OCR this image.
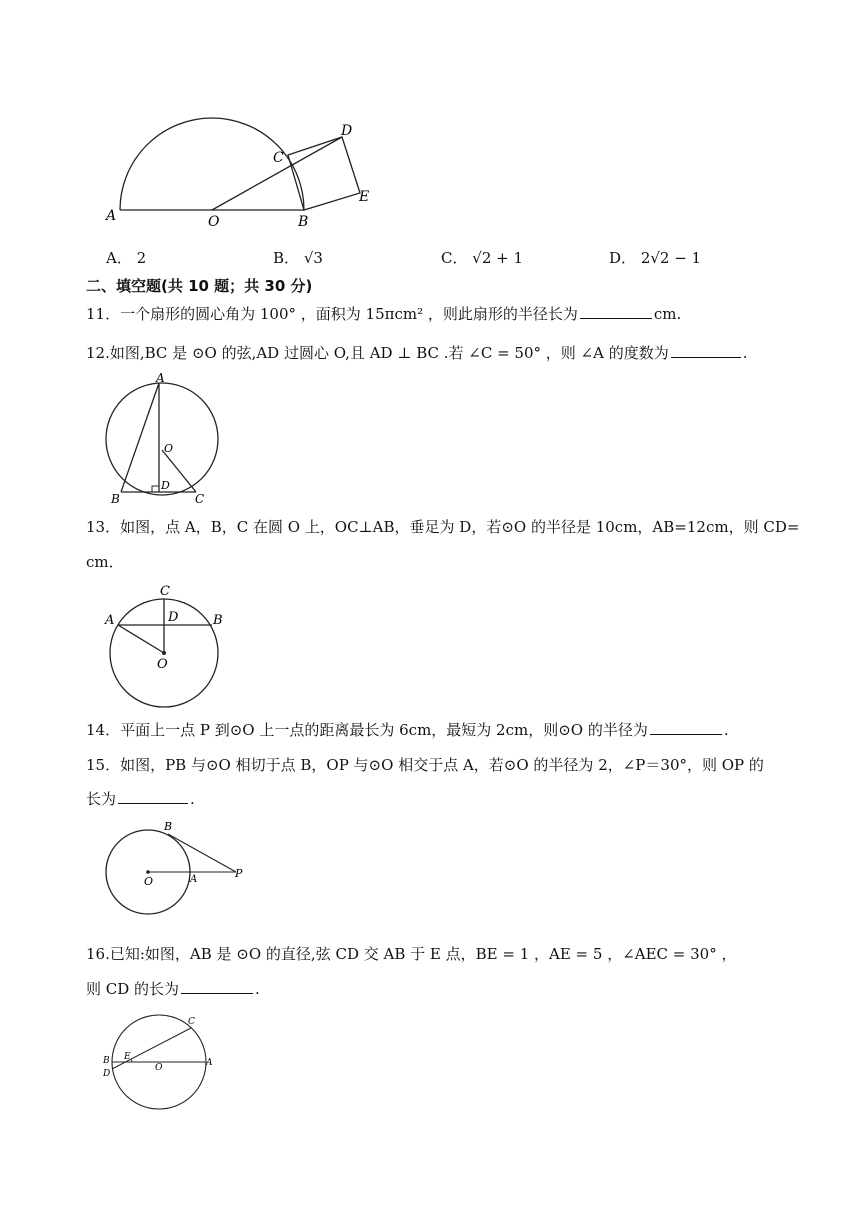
A	O	B
C
D
E
A． 2	B． √3	C． √2 + 1	D． 2√2 − 1
二、填空题(共 10 题；共 30 分)
11．一个扇形的圆心角为 100° ，面积为 15πcm² ，则此扇形的半径长为	cm.
12.如图,BC 是 ⊙O 的弦,AD 过圆心 O,且 AD ⊥ BC .若 ∠C = 50° ，则 ∠A 的度数为	.
A
O
B
D
C
13．如图，点 A，B，C 在圆 O 上，OC⊥AB，垂足为 D，若⊙O 的半径是 10cm，AB=12cm，则 CD=
cm．
C
A	D	B
O
14．平面上一点 P 到⊙O 上一点的距离最长为 6cm，最短为 2cm，则⊙O 的半径为	.
15．如图，PB 与⊙O 相切于点 B，OP 与⊙O 相交于点 A，若⊙O 的半径为 2，∠P＝30°，则 OP 的
长为	.
B
O	A	P
16.已知:如图，AB 是 ⊙O 的直径,弦 CD 交 AB 于 E 点，BE = 1 ，AE = 5 ，∠AEC = 30° ，
则 CD 的长为	.
C
B E
D
O	A
